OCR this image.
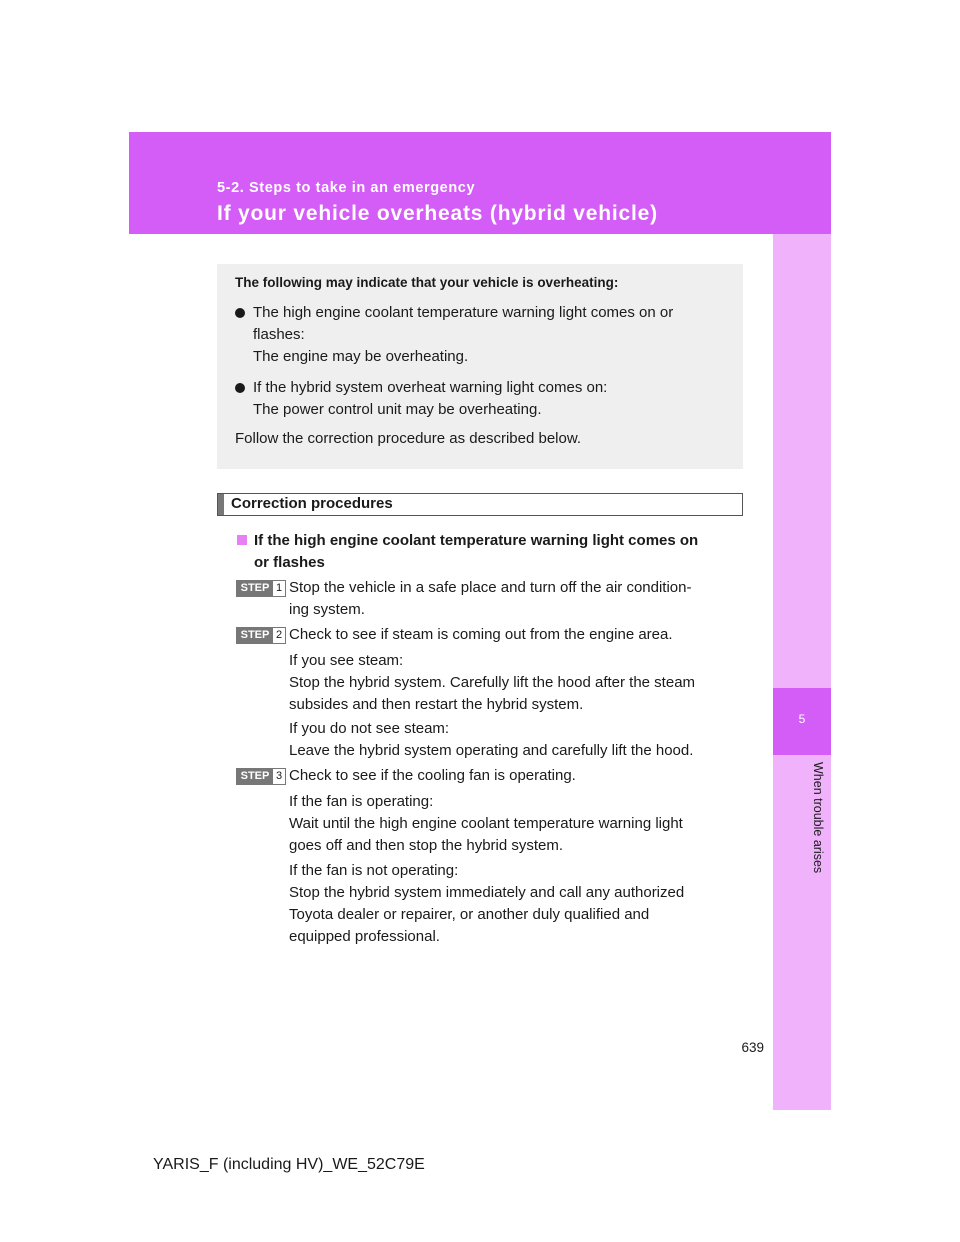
5-2. Steps to take in an emergency

If your vehicle overheats (hybrid vehicle)
5
When trouble arises

The following may indicate that your vehicle is overheating:

The high engine coolant temperature warning light comes on or
flashes:
The engine may be overheating.
If the hybrid system overheat warning light comes on:
The power control unit may be overheating.

Follow the correction procedure as described below.

Correction procedures
If the high engine coolant temperature warning light comes on
or flashes
STEP 1 Stop the vehicle in a safe place and turn off the air condition-
ing system.

STEP 2 Check to see if steam is coming out from the engine area.

If you see steam:
Stop the hybrid system. Carefully lift the hood after the steam
subsides and then restart the hybrid system.

If you do not see steam:
Leave the hybrid system operating and carefully lift the hood.

STEP 3 Check to see if the cooling fan is operating.

If the fan is operating:
Wait until the high engine coolant temperature warning light
goes off and then stop the hybrid system.

If the fan is not operating:
Stop the hybrid system immediately and call any authorized
Toyota dealer or repairer, or another duly qualified and
equipped professional.

639
YARIS_F (including HV)_WE_52C79E
